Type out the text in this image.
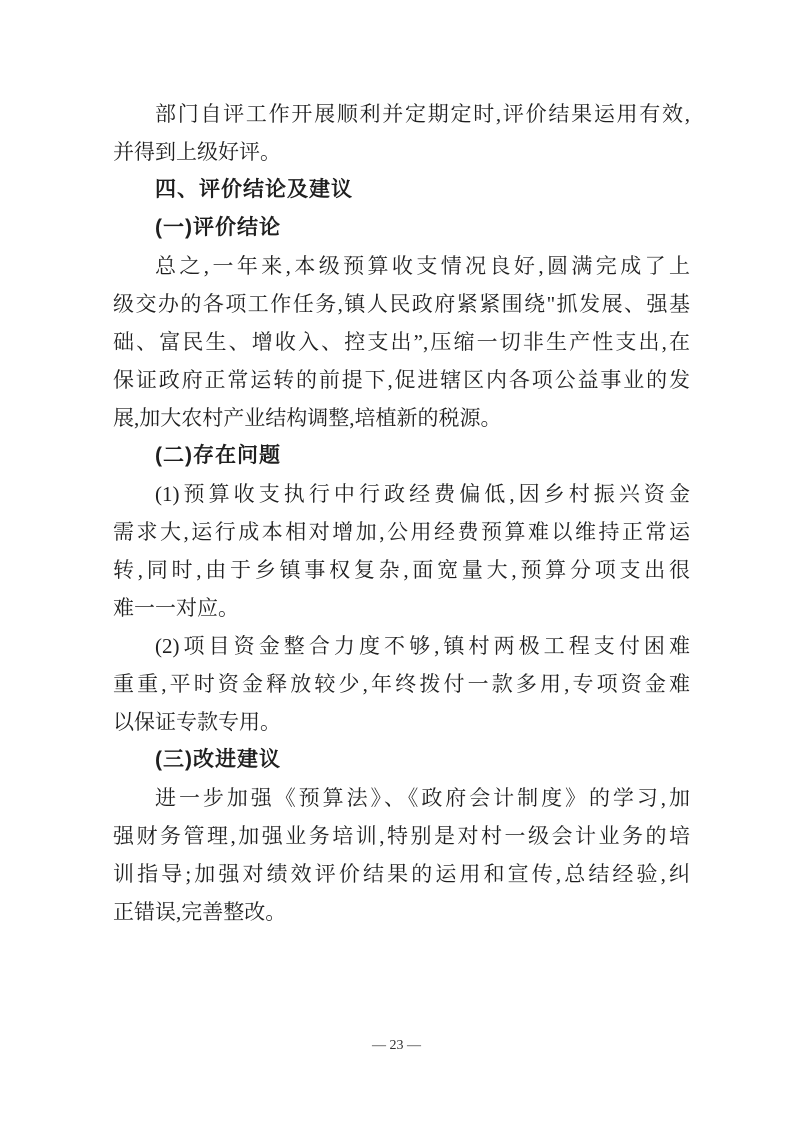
部门自评工作开展顺利并定期定时,评价结果运用有效,
并得到上级好评。
四、评价结论及建议
(一)评价结论
总之,一年来,本级预算收支情况良好,圆满完成了上
级交办的各项工作任务,镇人民政府紧紧围绕"抓发展、强基
础、富民生、增收入、控支出”,压缩一切非生产性支出,在
保证政府正常运转的前提下,促进辖区内各项公益事业的发
展,加大农村产业结构调整,培植新的税源。
(二)存在问题
(1)预算收支执行中行政经费偏低,因乡村振兴资金
需求大,运行成本相对增加,公用经费预算难以维持正常运
转,同时,由于乡镇事权复杂,面宽量大,预算分项支出很
难一一对应。
(2)项目资金整合力度不够,镇村两极工程支付困难
重重,平时资金释放较少,年终拨付一款多用,专项资金难
以保证专款专用。
(三)改进建议
进一步加强《预算法》、《政府会计制度》的学习,加
强财务管理,加强业务培训,特别是对村一级会计业务的培
训指导;加强对绩效评价结果的运用和宣传,总结经验,纠
正错误,完善整改。
— 23 —
